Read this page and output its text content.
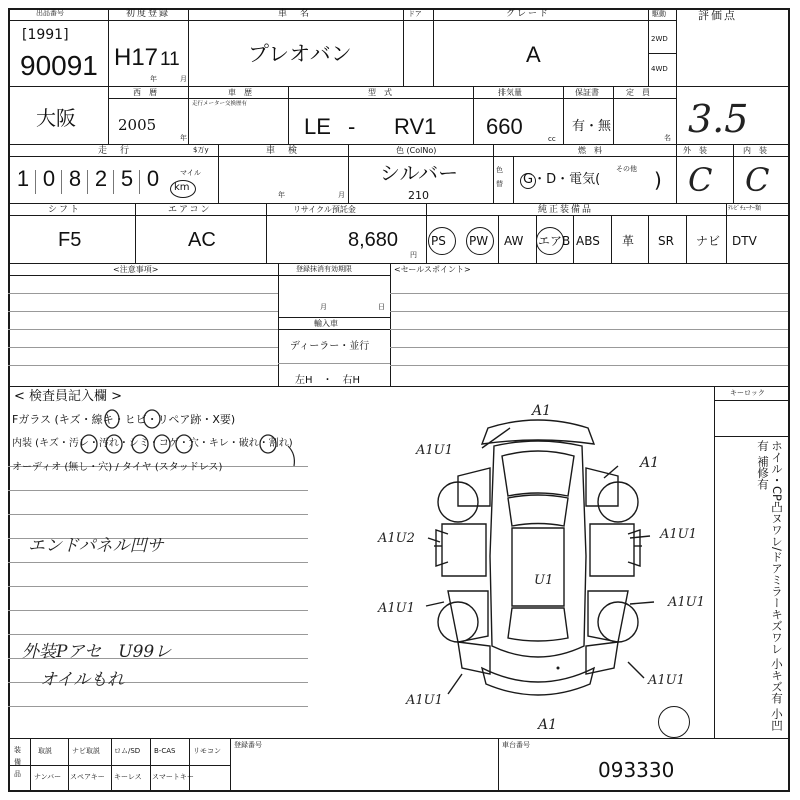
出品番号
[1991]
90091
初度登録
H17 11
年	月
車　名
プレオバン
ドア	グレード
A
駆動
2WD
4WD
評価点
3.5
大阪
西　暦
2005
年
車　歴
走行メーター交換歴有
型　式
LE - RV1
排気量
660	cc
保証書
有・無
定　員
名
走　行	$万y
1 0 8 2 5 0	マイル
km
車　検
年	月
色 (ColNo)
シルバー
210
色替
燃　料
G・D・電気(
その他 )
外　装
C
内　装
C
シフト
F5
エアコン
AC
リサイクル預託金
8,680
円
純正装備品
PS PW AW エアB ABS 革 SR ナビ
ﾃﾚﾋﾞﾁｭｰﾅｰ類
DTV
<注意事項>	登録抹消有効期限
月	日
輸入車
ディーラー・並行
左H　・　右H
<セールスポイント>
< 検査員記入欄 >
Fガラス (キズ・線キ・ヒビ・リペア跡・X要)
内装 (キズ・汚レ・汚れ・シミ・コゲ・穴・キレ・破れ・割れ)
オーディオ (無し・穴) / タイヤ (スタッドレス)
エンドパネル凹サ
外装Pアセ　U99レ
オイルもれ
キーロック
ホイル・CP凸ヌワレ/ドアミラーキズワレ 小キズ有 小凹有 補修有
A1
A1
A1U1
A1
A1U2	A1U1
A1U1	A1U1
A1U1
A1U1
U1
装備品
取説	ナビ取説 ロム/SD B-CAS	リモコン
ナンバー スペアキー キーレス スマートキー
登録番号	車台番号
093330
